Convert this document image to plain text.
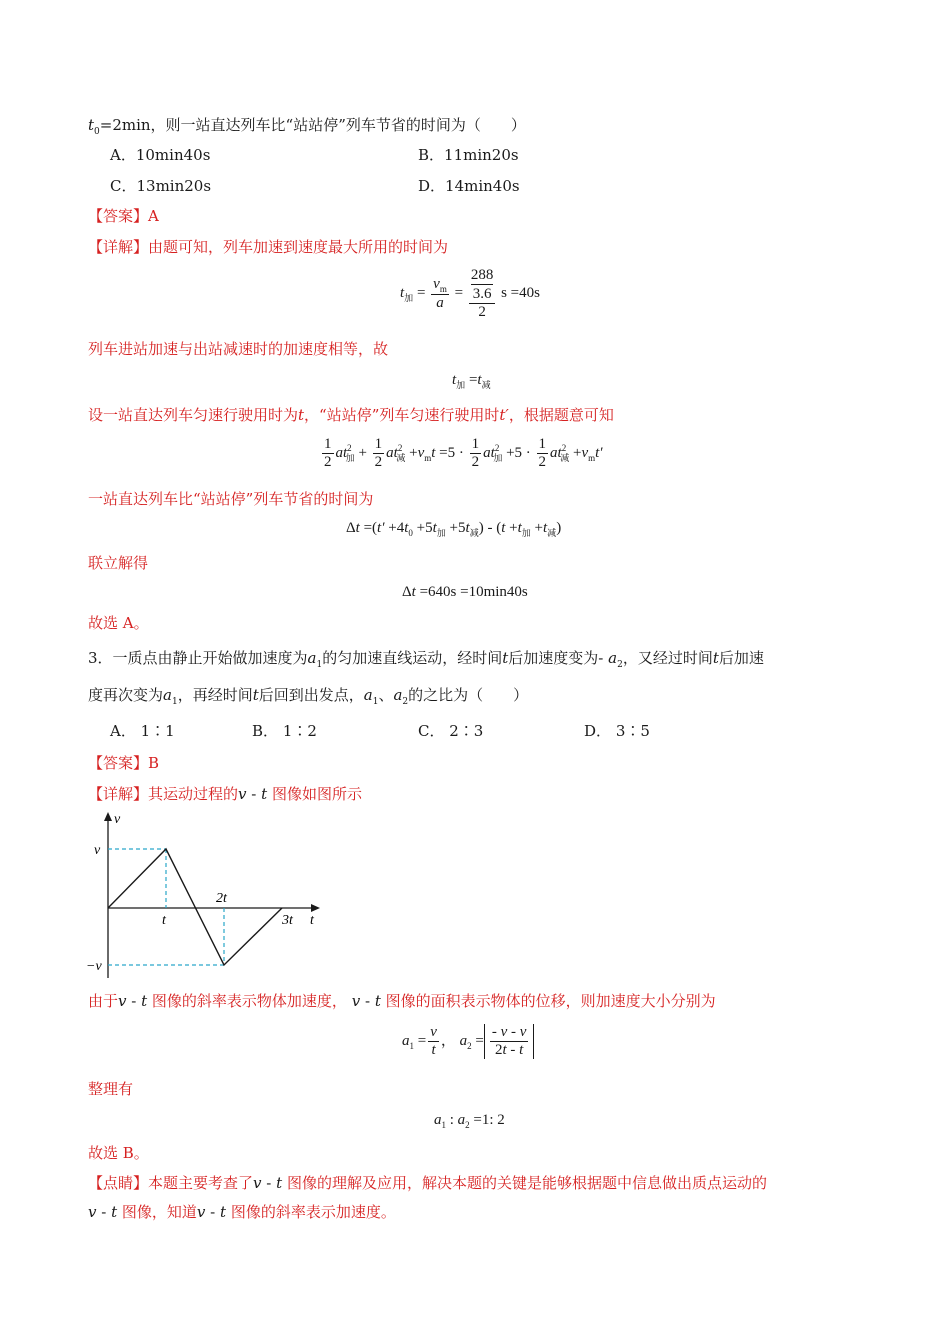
$t_0=2\min$，则一站直达列车比“站站停”列车节省的时间为（　　）
A．10min40s	B．11min20s
C．13min20s	D．14min40s
【答案】A
【详解】由题可知，列车加速到速度最大所用的时间为
$t_加 = \frac{v_m}{a} = \frac{\frac{288}{3.6}}{2}$ s =40s
列车进站加速与出站减速时的加速度相等，故
$t_加 =t_减$
设一站直达列车匀速行驶用时为t，“站站停”列车匀速行驶用时t′，根据题意可知
$\frac{1}{2} at^2_加 + \frac{1}{2} at^2_减 +v_mt =5 \cdot \frac{1}{2} at^2_加 +5 \cdot \frac{1}{2} at^2_减 +v_mt'$
一站直达列车比“站站停”列车节省的时间为
$\Delta t =(t' +4t_0 +5t_加 +5t_减) - (t +t_加 +t_减)$
联立解得
Δt =640s =10min40s
故选 A。
3．一质点由静止开始做加速度为$a_1$的匀加速直线运动，经时间t后加速度变为- $a_2$，又经过时间t后加速
度再次变为$a_1$，再经时间t后回到出发点，$a_1$、$a_2$的之比为（　　）
A． 1∶1	B． 1∶2	C． 2∶3	D． 3∶5
【答案】B
【详解】其运动过程的v - t 图像如图所示
v
t
v
−v
t
2t
3t
由于v - t 图像的斜率表示物体加速度， v - t 图像的面积表示物体的位移，则加速度大小分别为
$a_1 = \frac{v}{t}$ ， $a_2 = \frac{- v - v}{2t - t}$
整理有
$a_1$ : $a_2 =1$: 2
故选 B。
【点睛】本题主要考查了v - t 图像的理解及应用，解决本题的关键是能够根据题中信息做出质点运动的
v - t 图像，知道v - t 图像的斜率表示加速度。
